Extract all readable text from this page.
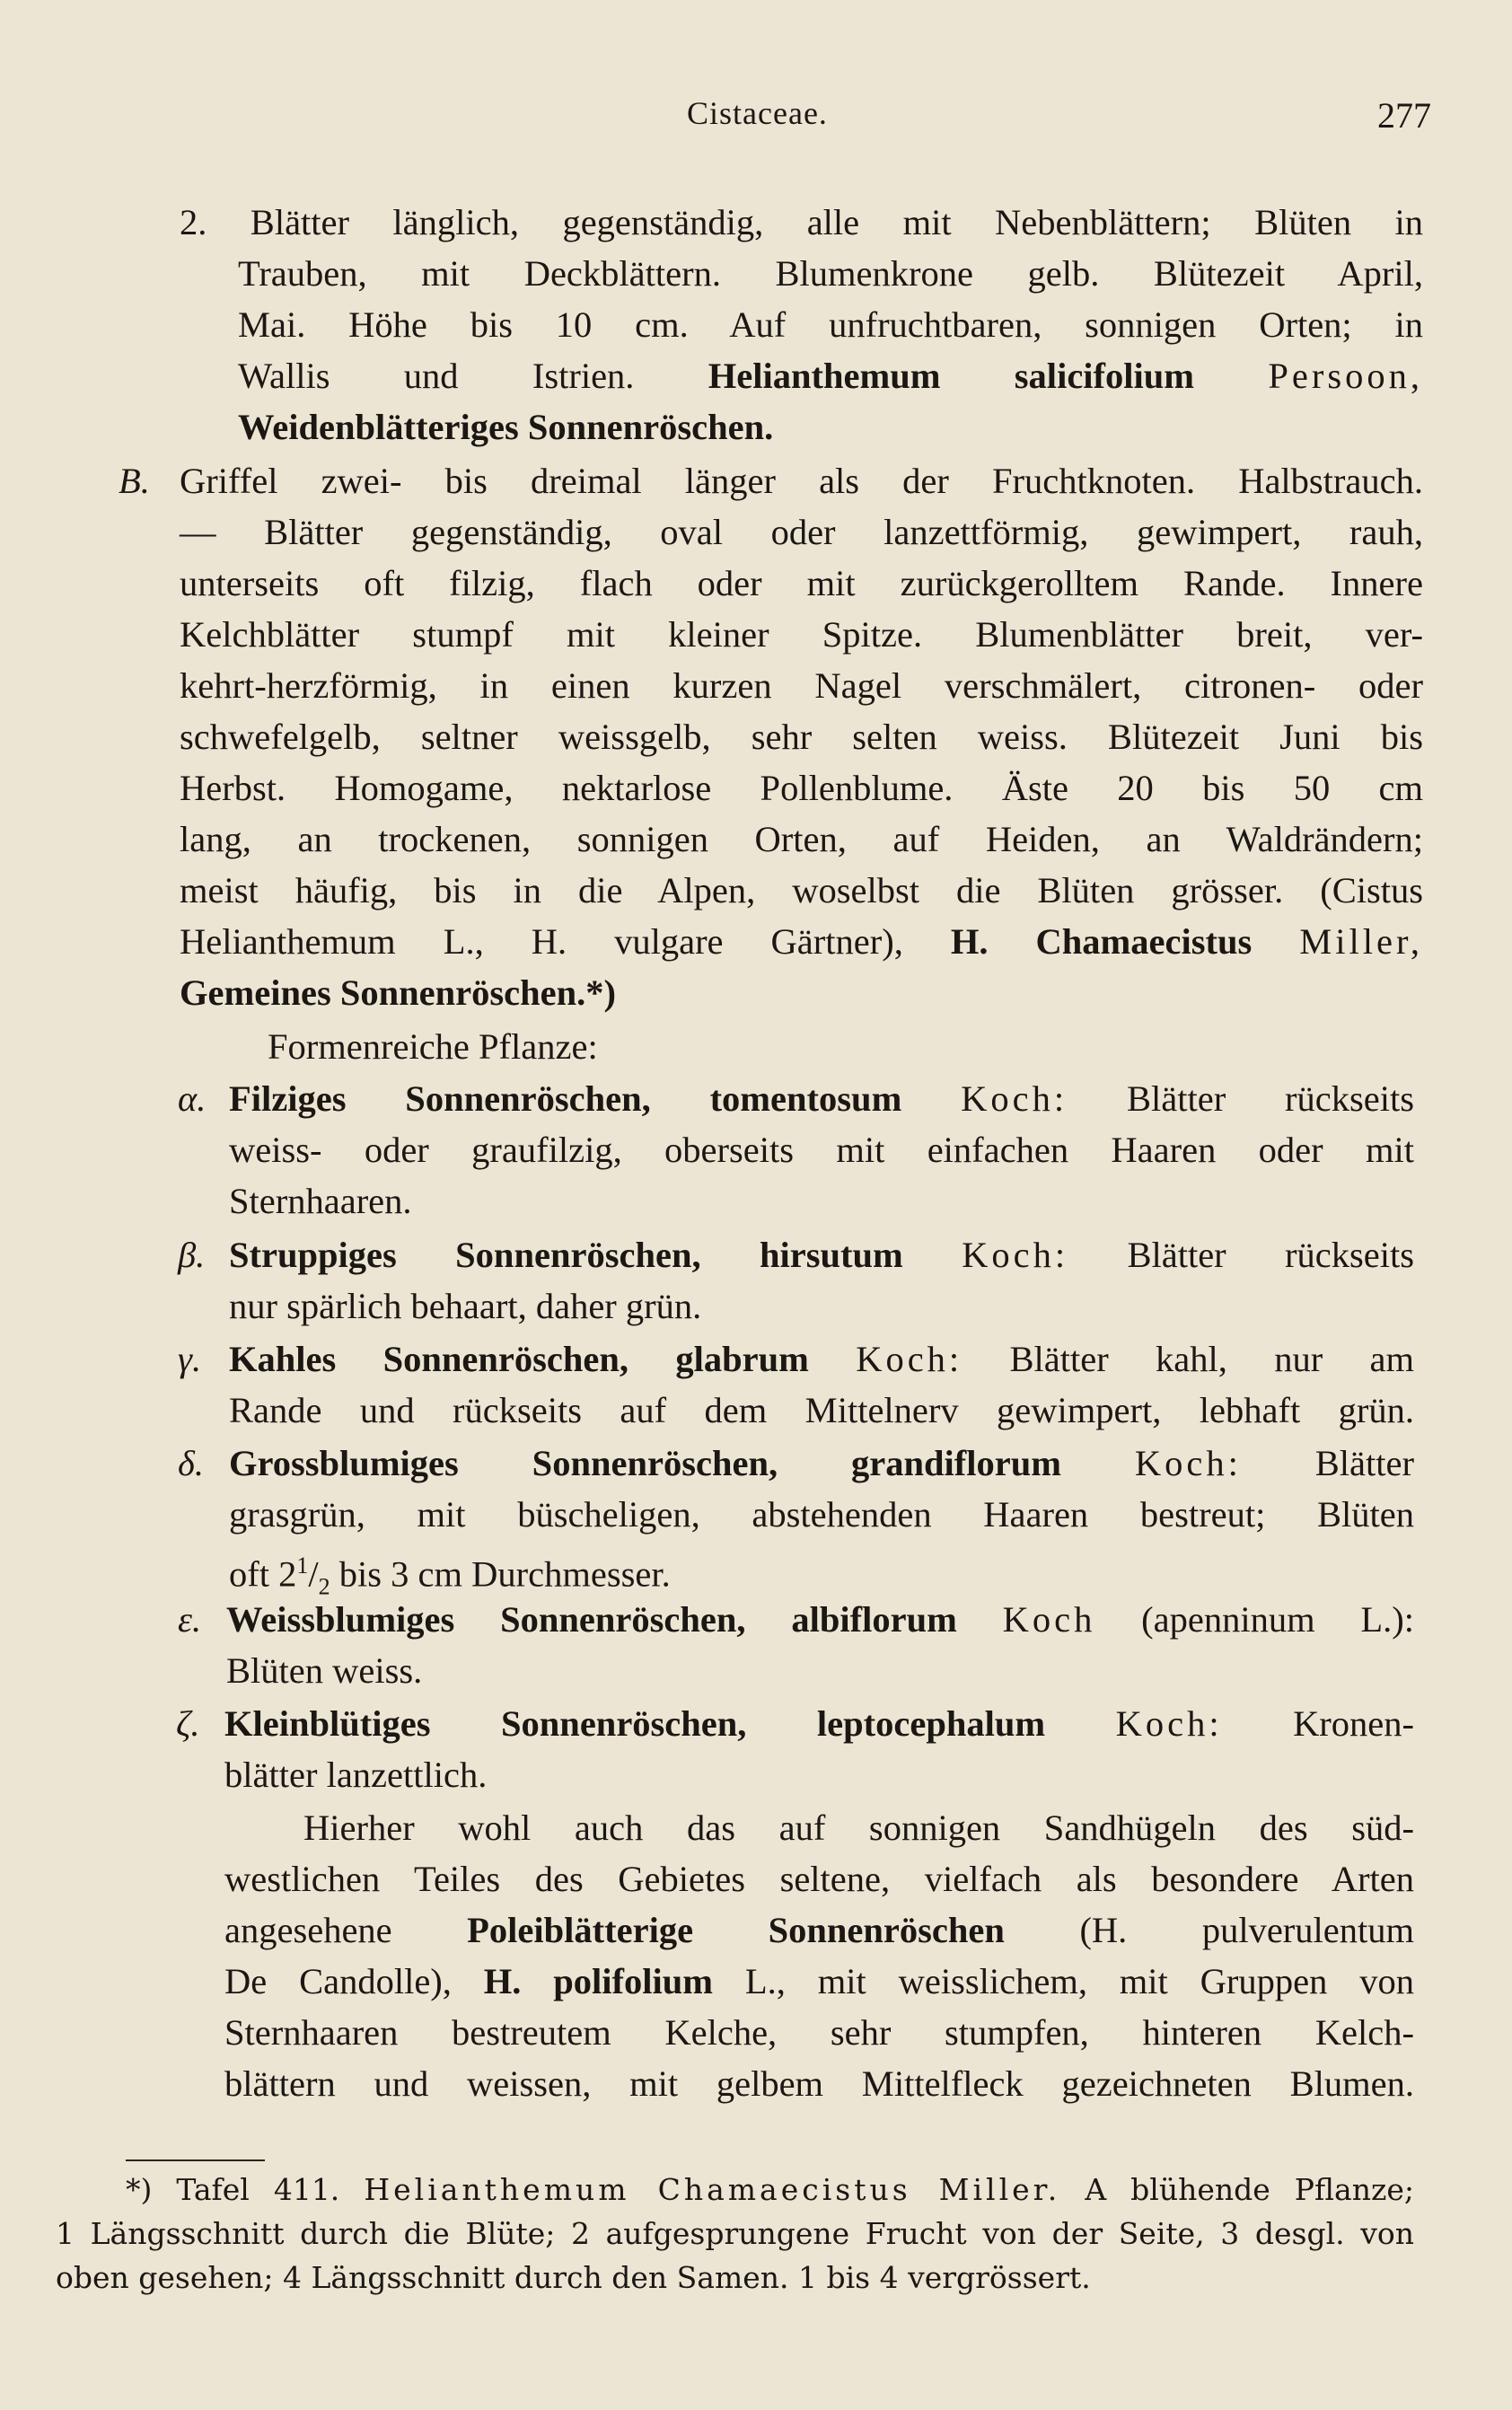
Cistaceae.	277
2. Blätter länglich, gegenständig, alle mit Nebenblättern; Blüten in
Trauben, mit Deckblättern. Blumenkrone gelb. Blütezeit April,
Mai. Höhe bis 10 cm. Auf unfruchtbaren, sonnigen Orten; in
Wallis und Istrien. Helianthemum salicifolium Persoon,
Weidenblätteriges Sonnenröschen.
B. Griffel zwei- bis dreimal länger als der Fruchtknoten. Halbstrauch.
— Blätter gegenständig, oval oder lanzettförmig, gewimpert, rauh,
unterseits oft filzig, flach oder mit zurückgerolltem Rande. Innere
Kelchblätter stumpf mit kleiner Spitze. Blumenblätter breit, ver-
kehrt-herzförmig, in einen kurzen Nagel verschmälert, citronen- oder
schwefelgelb, seltner weissgelb, sehr selten weiss. Blütezeit Juni bis
Herbst. Homogame, nektarlose Pollenblume. Äste 20 bis 50 cm
lang, an trockenen, sonnigen Orten, auf Heiden, an Waldrändern;
meist häufig, bis in die Alpen, woselbst die Blüten grösser. (Cistus
Helianthemum L., H. vulgare Gärtner), H. Chamaecistus Miller,
Gemeines Sonnenröschen.*)
Formenreiche Pflanze:
α. Filziges Sonnenröschen, tomentosum Koch: Blätter rückseits
weiss- oder graufilzig, oberseits mit einfachen Haaren oder mit
Sternhaaren.
β. Struppiges Sonnenröschen, hirsutum Koch: Blätter rückseits
nur spärlich behaart, daher grün.
γ. Kahles Sonnenröschen, glabrum Koch: Blätter kahl, nur am
Rande und rückseits auf dem Mittelnerv gewimpert, lebhaft grün.
δ. Grossblumiges Sonnenröschen, grandiflorum Koch: Blätter
grasgrün, mit büscheligen, abstehenden Haaren bestreut; Blüten
oft $2^1/_2$ bis 3 cm Durchmesser.
ε. Weissblumiges Sonnenröschen, albiflorum Koch (apenninum L.):
Blüten weiss.
ζ. Kleinblütiges Sonnenröschen, leptocephalum Koch: Kronen-
blätter lanzettlich.
Hierher wohl auch das auf sonnigen Sandhügeln des süd-
westlichen Teiles des Gebietes seltene, vielfach als besondere Arten
angesehene Poleiblätterige Sonnenröschen (H. pulverulentum
De Candolle), H. polifolium L., mit weisslichem, mit Gruppen von
Sternhaaren bestreutem Kelche, sehr stumpfen, hinteren Kelch-
blättern und weissen, mit gelbem Mittelfleck gezeichneten Blumen.
*) Tafel 411. Helianthemum Chamaecistus Miller. A blühende Pflanze;
1 Längsschnitt durch die Blüte; 2 aufgesprungene Frucht von der Seite, 3 desgl. von
oben gesehen; 4 Längsschnitt durch den Samen. 1 bis 4 vergrössert.
